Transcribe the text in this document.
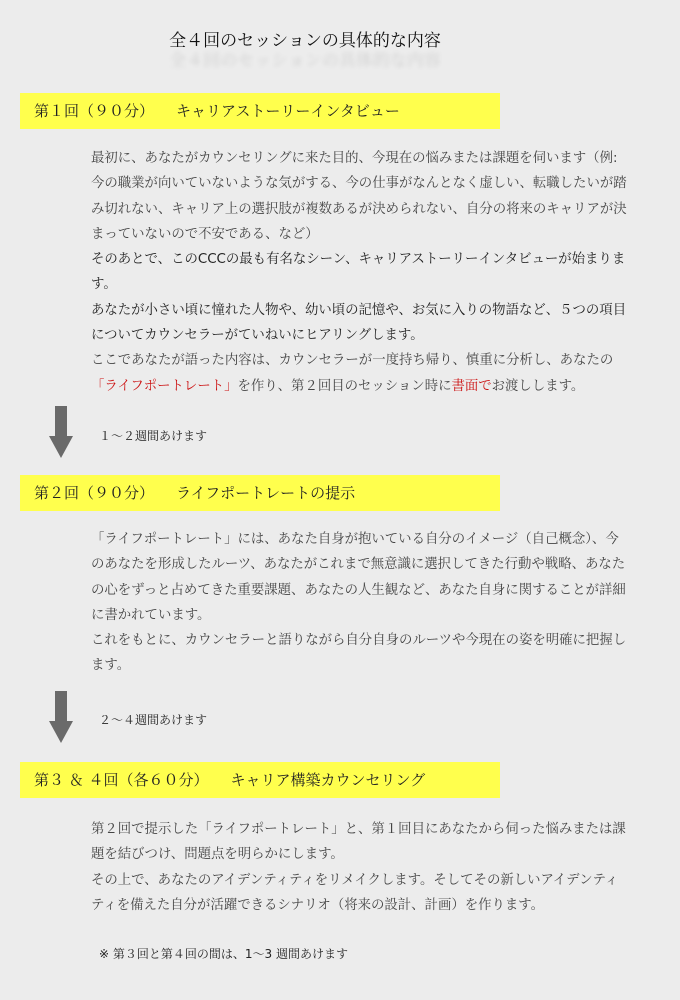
全４回のセッションの具体的な内容
第１回（９０分） キャリアストーリーインタビュー

最初に、あなたがカウンセリングに来た目的、今現在の悩みまたは課題を伺います（例:　今の職業が向いていないような気がする、今の仕事がなんとなく虚しい、転職したいが踏み切れない、キャリア上の選択肢が複数あるが決められない、自分の将来のキャリアが決まっていないので不安である、など）

そのあとで、このCCCの最も有名なシーン、キャリアストーリーインタビューが始まります。

あなたが小さい頃に憧れた人物や、幼い頃の記憶や、お気に入りの物語など、５つの項目についてカウンセラーがていねいにヒアリングします。

ここであなたが語った内容は、カウンセラーが一度持ち帰り、慎重に分析し、あなたの「ライフポートレート」を作り、第２回目のセッション時に書面でお渡しします。

１〜２週間あけます
第２回（９０分） ライフポートレートの提示

「ライフポートレート」には、あなた自身が抱いている自分のイメージ（自己概念）、今のあなたを形成したルーツ、あなたがこれまで無意識に選択してきた行動や戦略、あなたの心をずっと占めてきた重要課題、あなたの人生観など、あなた自身に関することが詳細に書かれています。

これをもとに、カウンセラーと語りながら自分自身のルーツや今現在の姿を明確に把握します。

２〜４週間あけます
第３ ＆ ４回（各６０分） キャリア構築カウンセリング

第２回で提示した「ライフポートレート」と、第１回目にあなたから伺った悩みまたは課題を結びつけ、問題点を明らかにします。

その上で、あなたのアイデンティティをリメイクします。そしてその新しいアイデンティティを備えた自分が活躍できるシナリオ（将来の設計、計画）を作ります。

※ 第３回と第４回の間は、1〜3 週間あけます
